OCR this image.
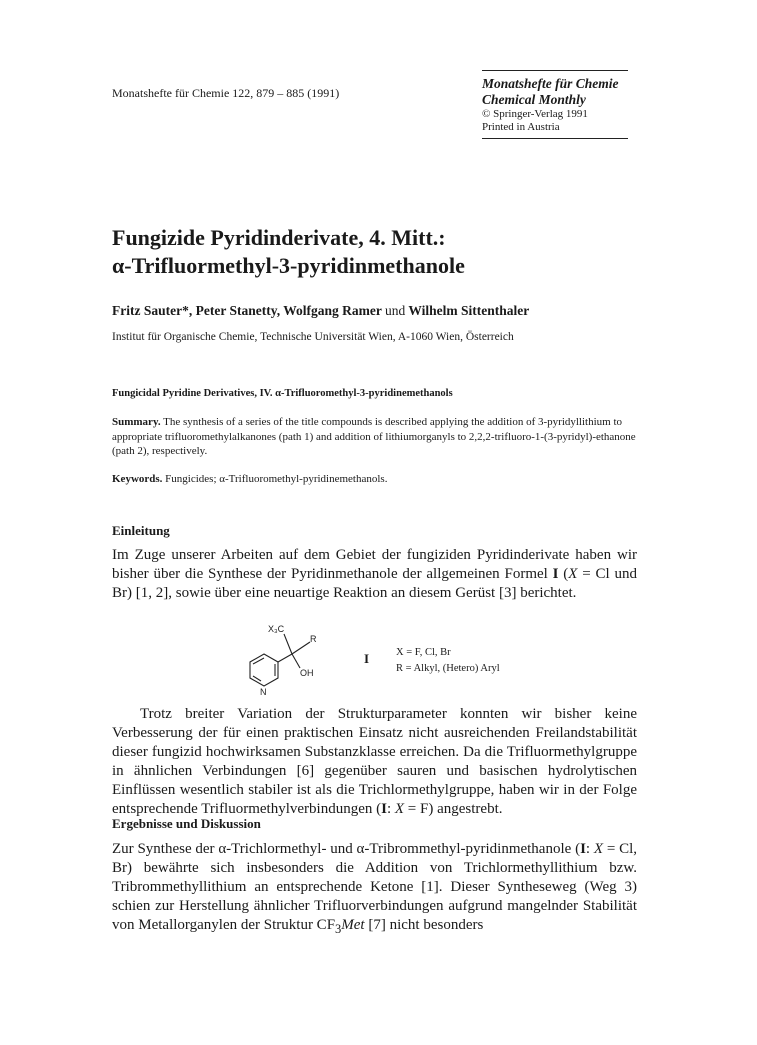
Monatshefte für Chemie 122, 879 – 885 (1991)
Monatshefte für Chemie
Chemical Monthly
© Springer-Verlag 1991
Printed in Austria
Fungizide Pyridinderivate, 4. Mitt.:
α-Trifluormethyl-3-pyridinmethanole
Fritz Sauter*, Peter Stanetty, Wolfgang Ramer und Wilhelm Sittenthaler
Institut für Organische Chemie, Technische Universität Wien, A-1060 Wien, Österreich
Fungicidal Pyridine Derivatives, IV. α-Trifluoromethyl-3-pyridinemethanols
Summary. The synthesis of a series of the title compounds is described applying the addition of 3-pyridyllithium to appropriate trifluoromethylalkanones (path 1) and addition of lithiumorganyls to 2,2,2-trifluoro-1-(3-pyridyl)-ethanone (path 2), respectively.
Keywords. Fungicides; α-Trifluoromethyl-pyridinemethanols.
Einleitung
Im Zuge unserer Arbeiten auf dem Gebiet der fungiziden Pyridinderivate haben wir bisher über die Synthese der Pyridinmethanole der allgemeinen Formel I (X = Cl und Br) [1, 2], sowie über eine neuartige Reaktion an diesem Gerüst [3] berichtet.
X₃C
R
OH
N
I	X = F, Cl, Br
R = Alkyl, (Hetero) Aryl
Trotz breiter Variation der Strukturparameter konnten wir bisher keine Verbesserung der für einen praktischen Einsatz nicht ausreichenden Freilandstabilität dieser fungizid hochwirksamen Substanzklasse erreichen. Da die Trifluormethylgruppe in ähnlichen Verbindungen [6] gegenüber sauren und basischen hydrolytischen Einflüssen wesentlich stabiler ist als die Trichlormethylgruppe, haben wir in der Folge entsprechende Trifluormethylverbindungen (I: X = F) angestrebt.
Ergebnisse und Diskussion
Zur Synthese der α-Trichlormethyl- und α-Tribrommethyl-pyridinmethanole (I: X = Cl, Br) bewährte sich insbesonders die Addition von Trichlormethyllithium bzw. Tribrommethyllithium an entsprechende Ketone [1]. Dieser Syntheseweg (Weg 3) schien zur Herstellung ähnlicher Trifluorverbindungen aufgrund mangelnder Stabilität von Metallorganylen der Struktur $CF_3Met$ [7] nicht besonders
